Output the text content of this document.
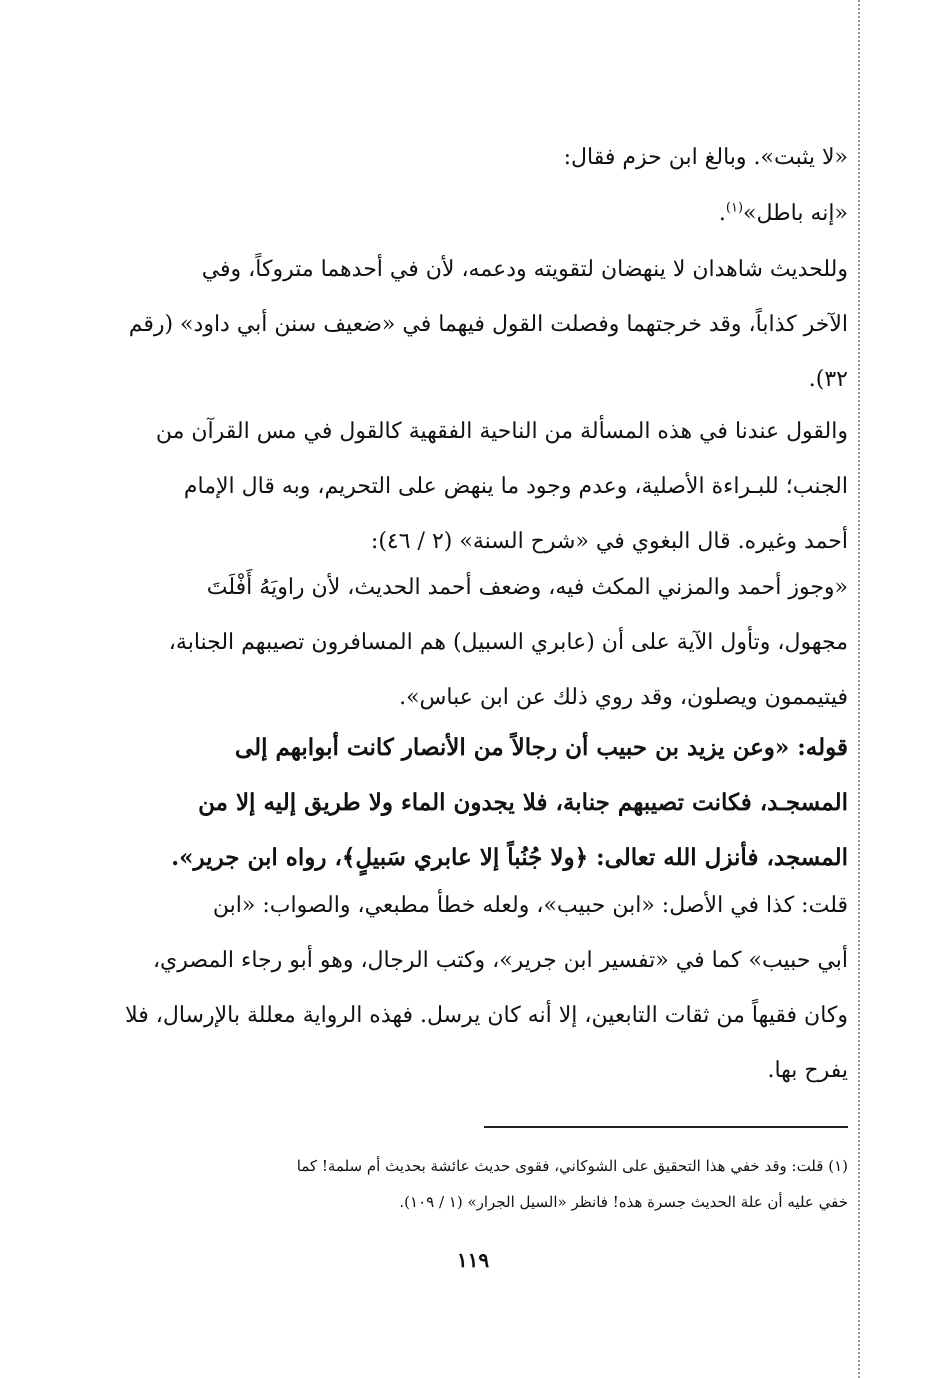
«لا يثبت». وبالغ ابن حزم فقال:
«إنه باطل»$^{(١)}$.
وللحديث شاهدان لا ينهضان لتقويته ودعمه، لأن في أحدهما متروكاً، وفي
الآخر كذاباً، وقد خرجتهما وفصلت القول فيهما في «ضعيف سنن أبي داود» (رقم
٣٢).
والقول عندنا في هذه المسألة من الناحية الفقهية كالقول في مس القرآن من
الجنب؛ للبـراءة الأصلية، وعدم وجود ما ينهض على التحريم، وبه قال الإمام
أحمد وغيره. قال البغوي في «شرح السنة» (٢ / ٤٦):
«وجوز أحمد والمزني المكث فيه، وضعف أحمد الحديث، لأن راويَهُ أَفْلَتَ
مجهول، وتأول الآية على أن (عابري السبيل) هم المسافرون تصيبهم الجنابة،
فيتيممون ويصلون، وقد روي ذلك عن ابن عباس».
قوله: «وعن يزيد بن حبيب أن رجالاً من الأنصار كانت أبوابهم إلى
المسجـد، فكانت تصيبهم جنابة، فلا يجدون الماء ولا طريق إليه إلا من
المسجد، فأنزل الله تعالى: ﴿ولا جُنُباً إلا عابري سَبيلٍ﴾، رواه ابن جرير».
قلت: كذا في الأصل: «ابن حبيب»، ولعله خطأ مطبعي، والصواب: «ابن
أبي حبيب» كما في «تفسير ابن جرير»، وكتب الرجال، وهو أبو رجاء المصري،
وكان فقيهاً من ثقات التابعين، إلا أنه كان يرسل. فهذه الرواية معللة بالإرسال، فلا
يفرح بها.
(١) قلت: وقد خفي هذا التحقيق على الشوكاني، فقوى حديث عائشة بحديث أم سلمة! كما
خفي عليه أن علة الحديث جسرة هذه! فانظر «السيل الجرار» (١ / ١٠٩).
١١٩
